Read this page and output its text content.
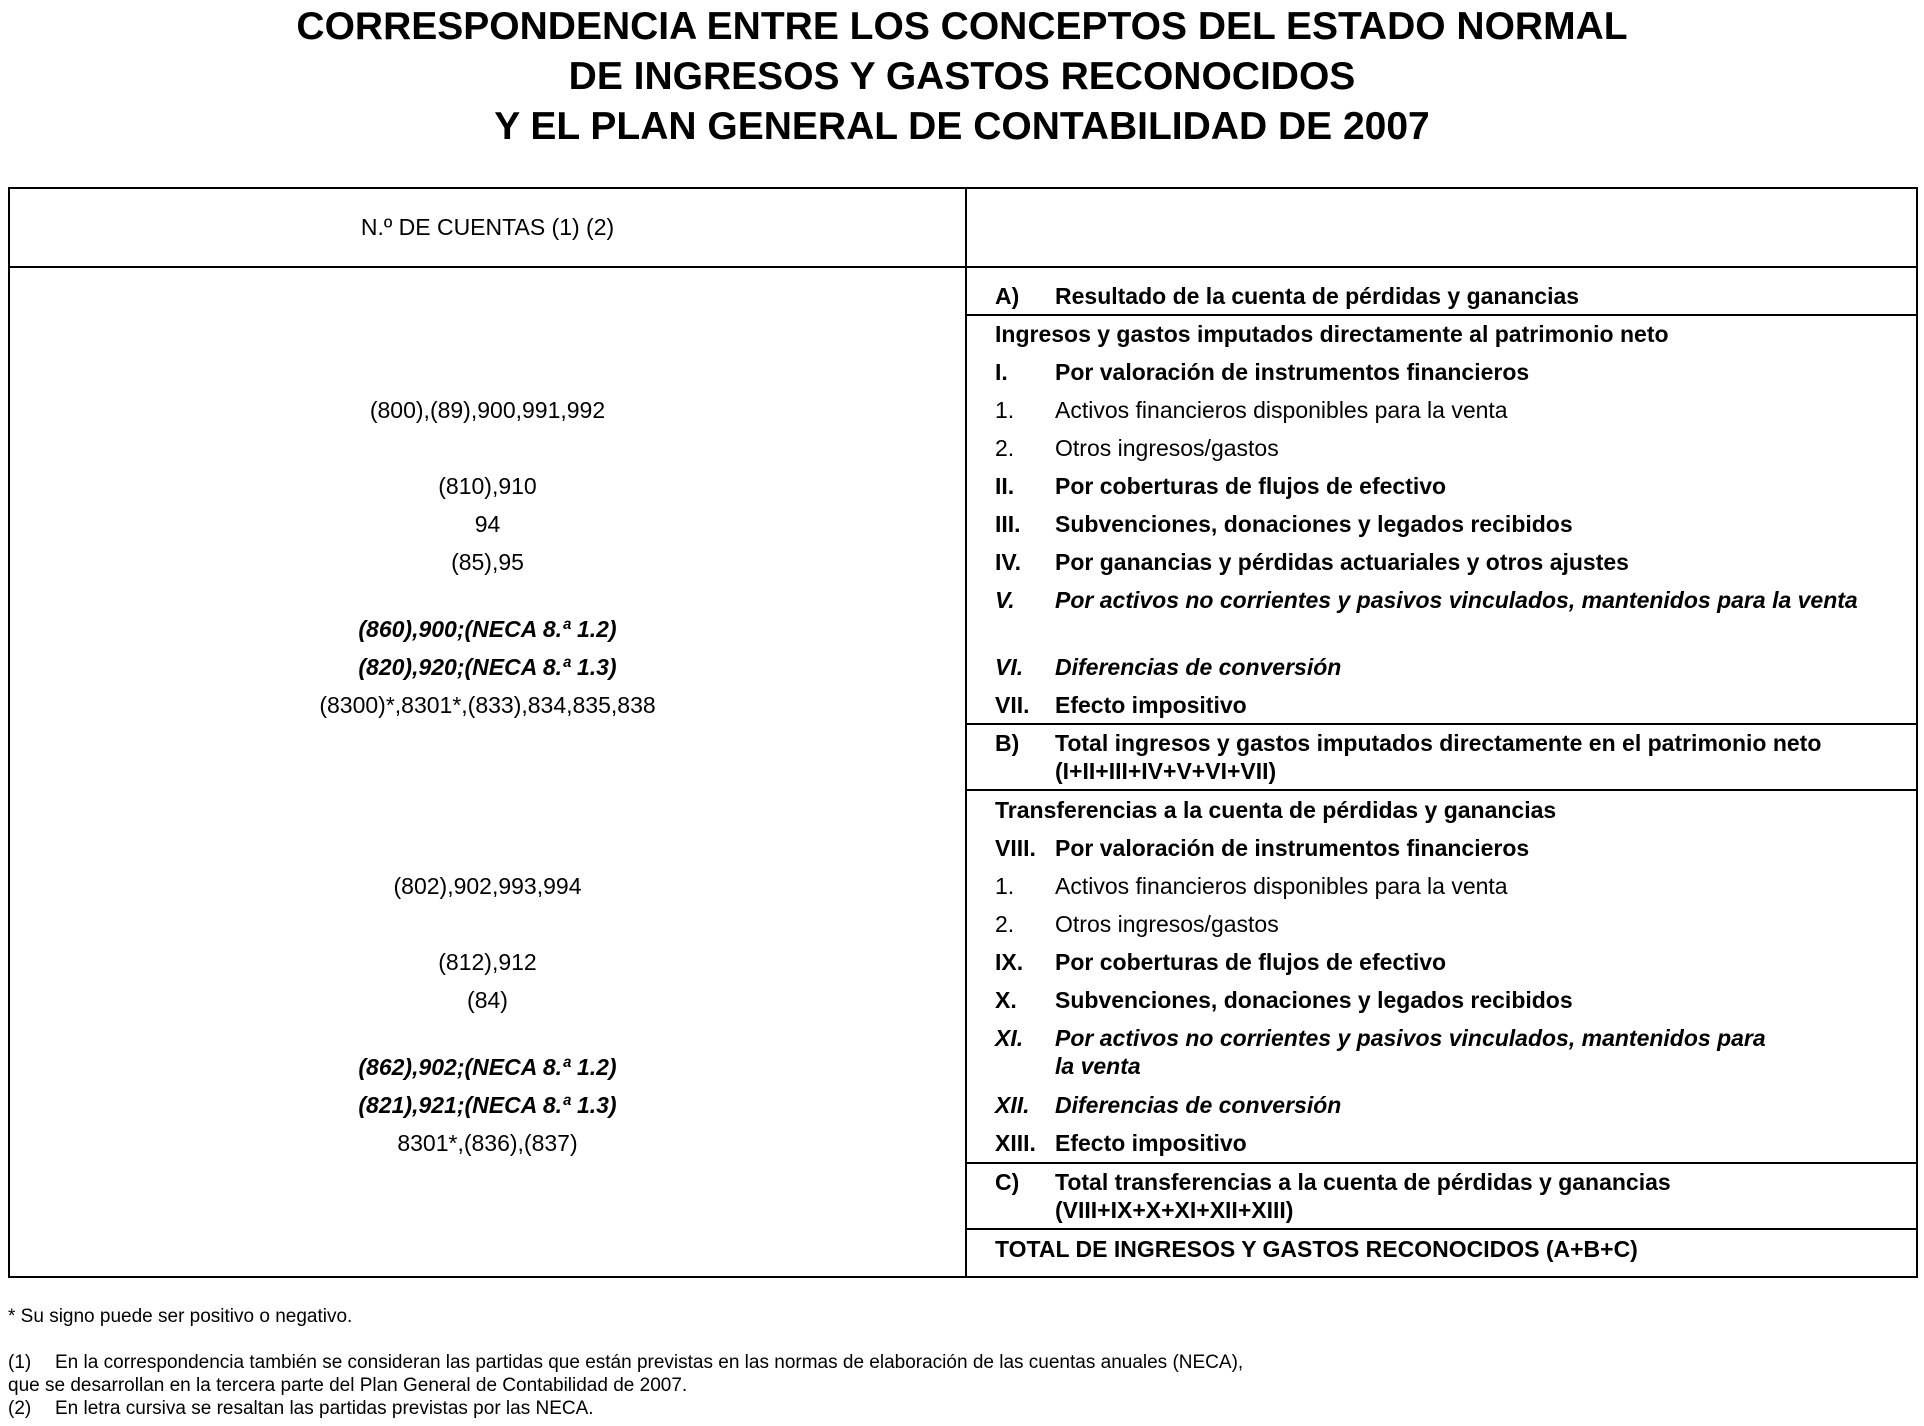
CORRESPONDENCIA ENTRE LOS CONCEPTOS DEL ESTADO NORMAL
DE INGRESOS Y GASTOS RECONOCIDOS
Y EL PLAN GENERAL DE CONTABILIDAD DE 2007
N.º DE CUENTAS (1) (2)
(800),(89),900,991,992
(810),910
94
(85),95
(860),900;(NECA 8.ª 1.2)
(820),920;(NECA 8.ª 1.3)
(8300)*,8301*,(833),834,835,838
(802),902,993,994
(812),912
(84)
(862),902;(NECA 8.ª 1.2)
(821),921;(NECA 8.ª 1.3)
8301*,(836),(837)
A) Resultado de la cuenta de pérdidas y ganancias
Ingresos y gastos imputados directamente al patrimonio neto
I. Por valoración de instrumentos financieros
1. Activos financieros disponibles para la venta
2. Otros ingresos/gastos
II. Por coberturas de flujos de efectivo
III. Subvenciones, donaciones y legados recibidos
IV. Por ganancias y pérdidas actuariales y otros ajustes
V. Por activos no corrientes y pasivos vinculados, mantenidos para la venta
VI. Diferencias de conversión
VII. Efecto impositivo
B) Total ingresos y gastos imputados directamente en el patrimonio neto (I+II+III+IV+V+VI+VII)
Transferencias a la cuenta de pérdidas y ganancias
VIII. Por valoración de instrumentos financieros
1. Activos financieros disponibles para la venta
2. Otros ingresos/gastos
IX. Por coberturas de flujos de efectivo
X. Subvenciones, donaciones y legados recibidos
XI. Por activos no corrientes y pasivos vinculados, mantenidos para la venta
XII. Diferencias de conversión
XIII. Efecto impositivo
C) Total transferencias a la cuenta de pérdidas y ganancias (VIII+IX+X+XI+XII+XIII)
TOTAL DE INGRESOS Y GASTOS RECONOCIDOS (A+B+C)
* Su signo puede ser positivo o negativo.
(1) En la correspondencia también se consideran las partidas que están previstas en las normas de elaboración de las cuentas anuales (NECA),
que se desarrollan en la tercera parte del Plan General de Contabilidad de 2007.
(2) En letra cursiva se resaltan las partidas previstas por las NECA.
